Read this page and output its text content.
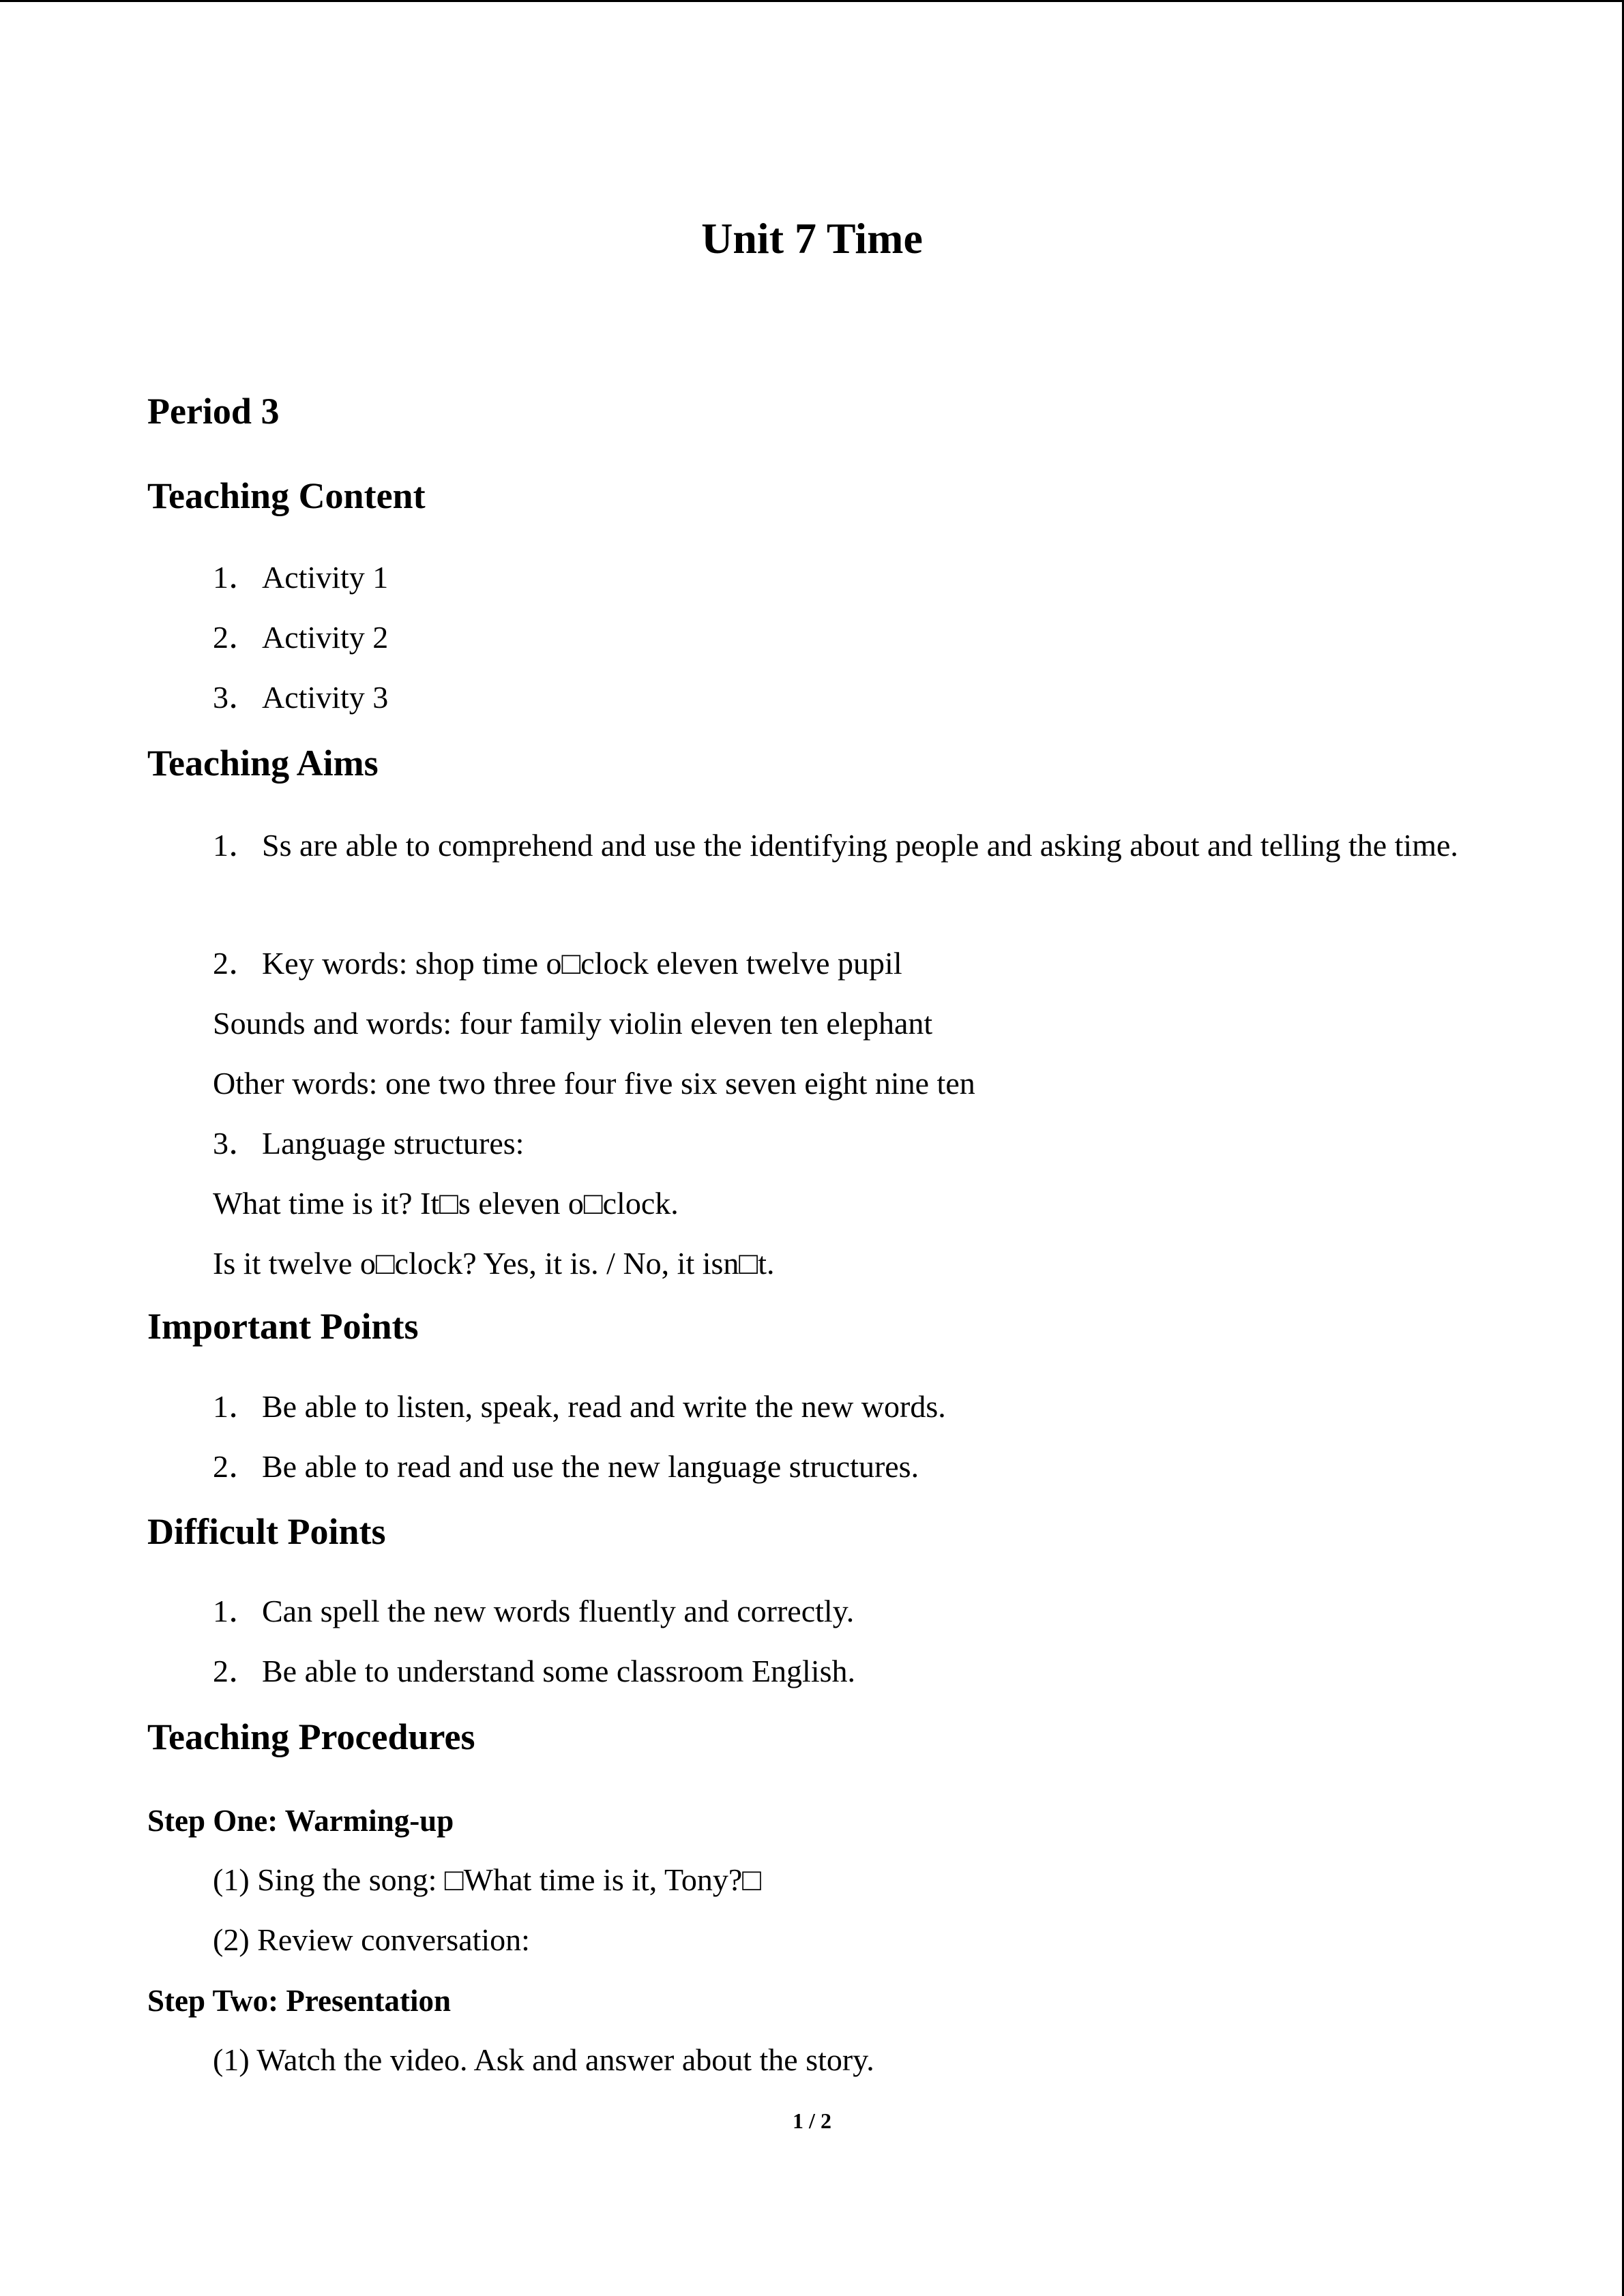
Unit 7 Time
Period 3
Teaching Content
1．Activity 1
2．Activity 2
3．Activity 3
Teaching Aims
1．Ss are able to comprehend and use the identifying people and asking about and telling the time.
2．Key words: shop time o□clock eleven twelve pupil
Sounds and words: four family violin eleven ten elephant
Other words: one two three four five six seven eight nine ten
3．Language structures:
What time is it? It□s eleven o□clock.
Is it twelve o□clock? Yes, it is. / No, it isn□t.
Important Points
1．Be able to listen, speak, read and write the new words.
2．Be able to read and use the new language structures.
Difficult Points
1．Can spell the new words fluently and correctly.
2．Be able to understand some classroom English.
Teaching Procedures
Step One: Warming-up
(1) Sing the song: □What time is it, Tony?□
(2) Review conversation:
Step Two: Presentation
(1) Watch the video. Ask and answer about the story.
1 / 2
